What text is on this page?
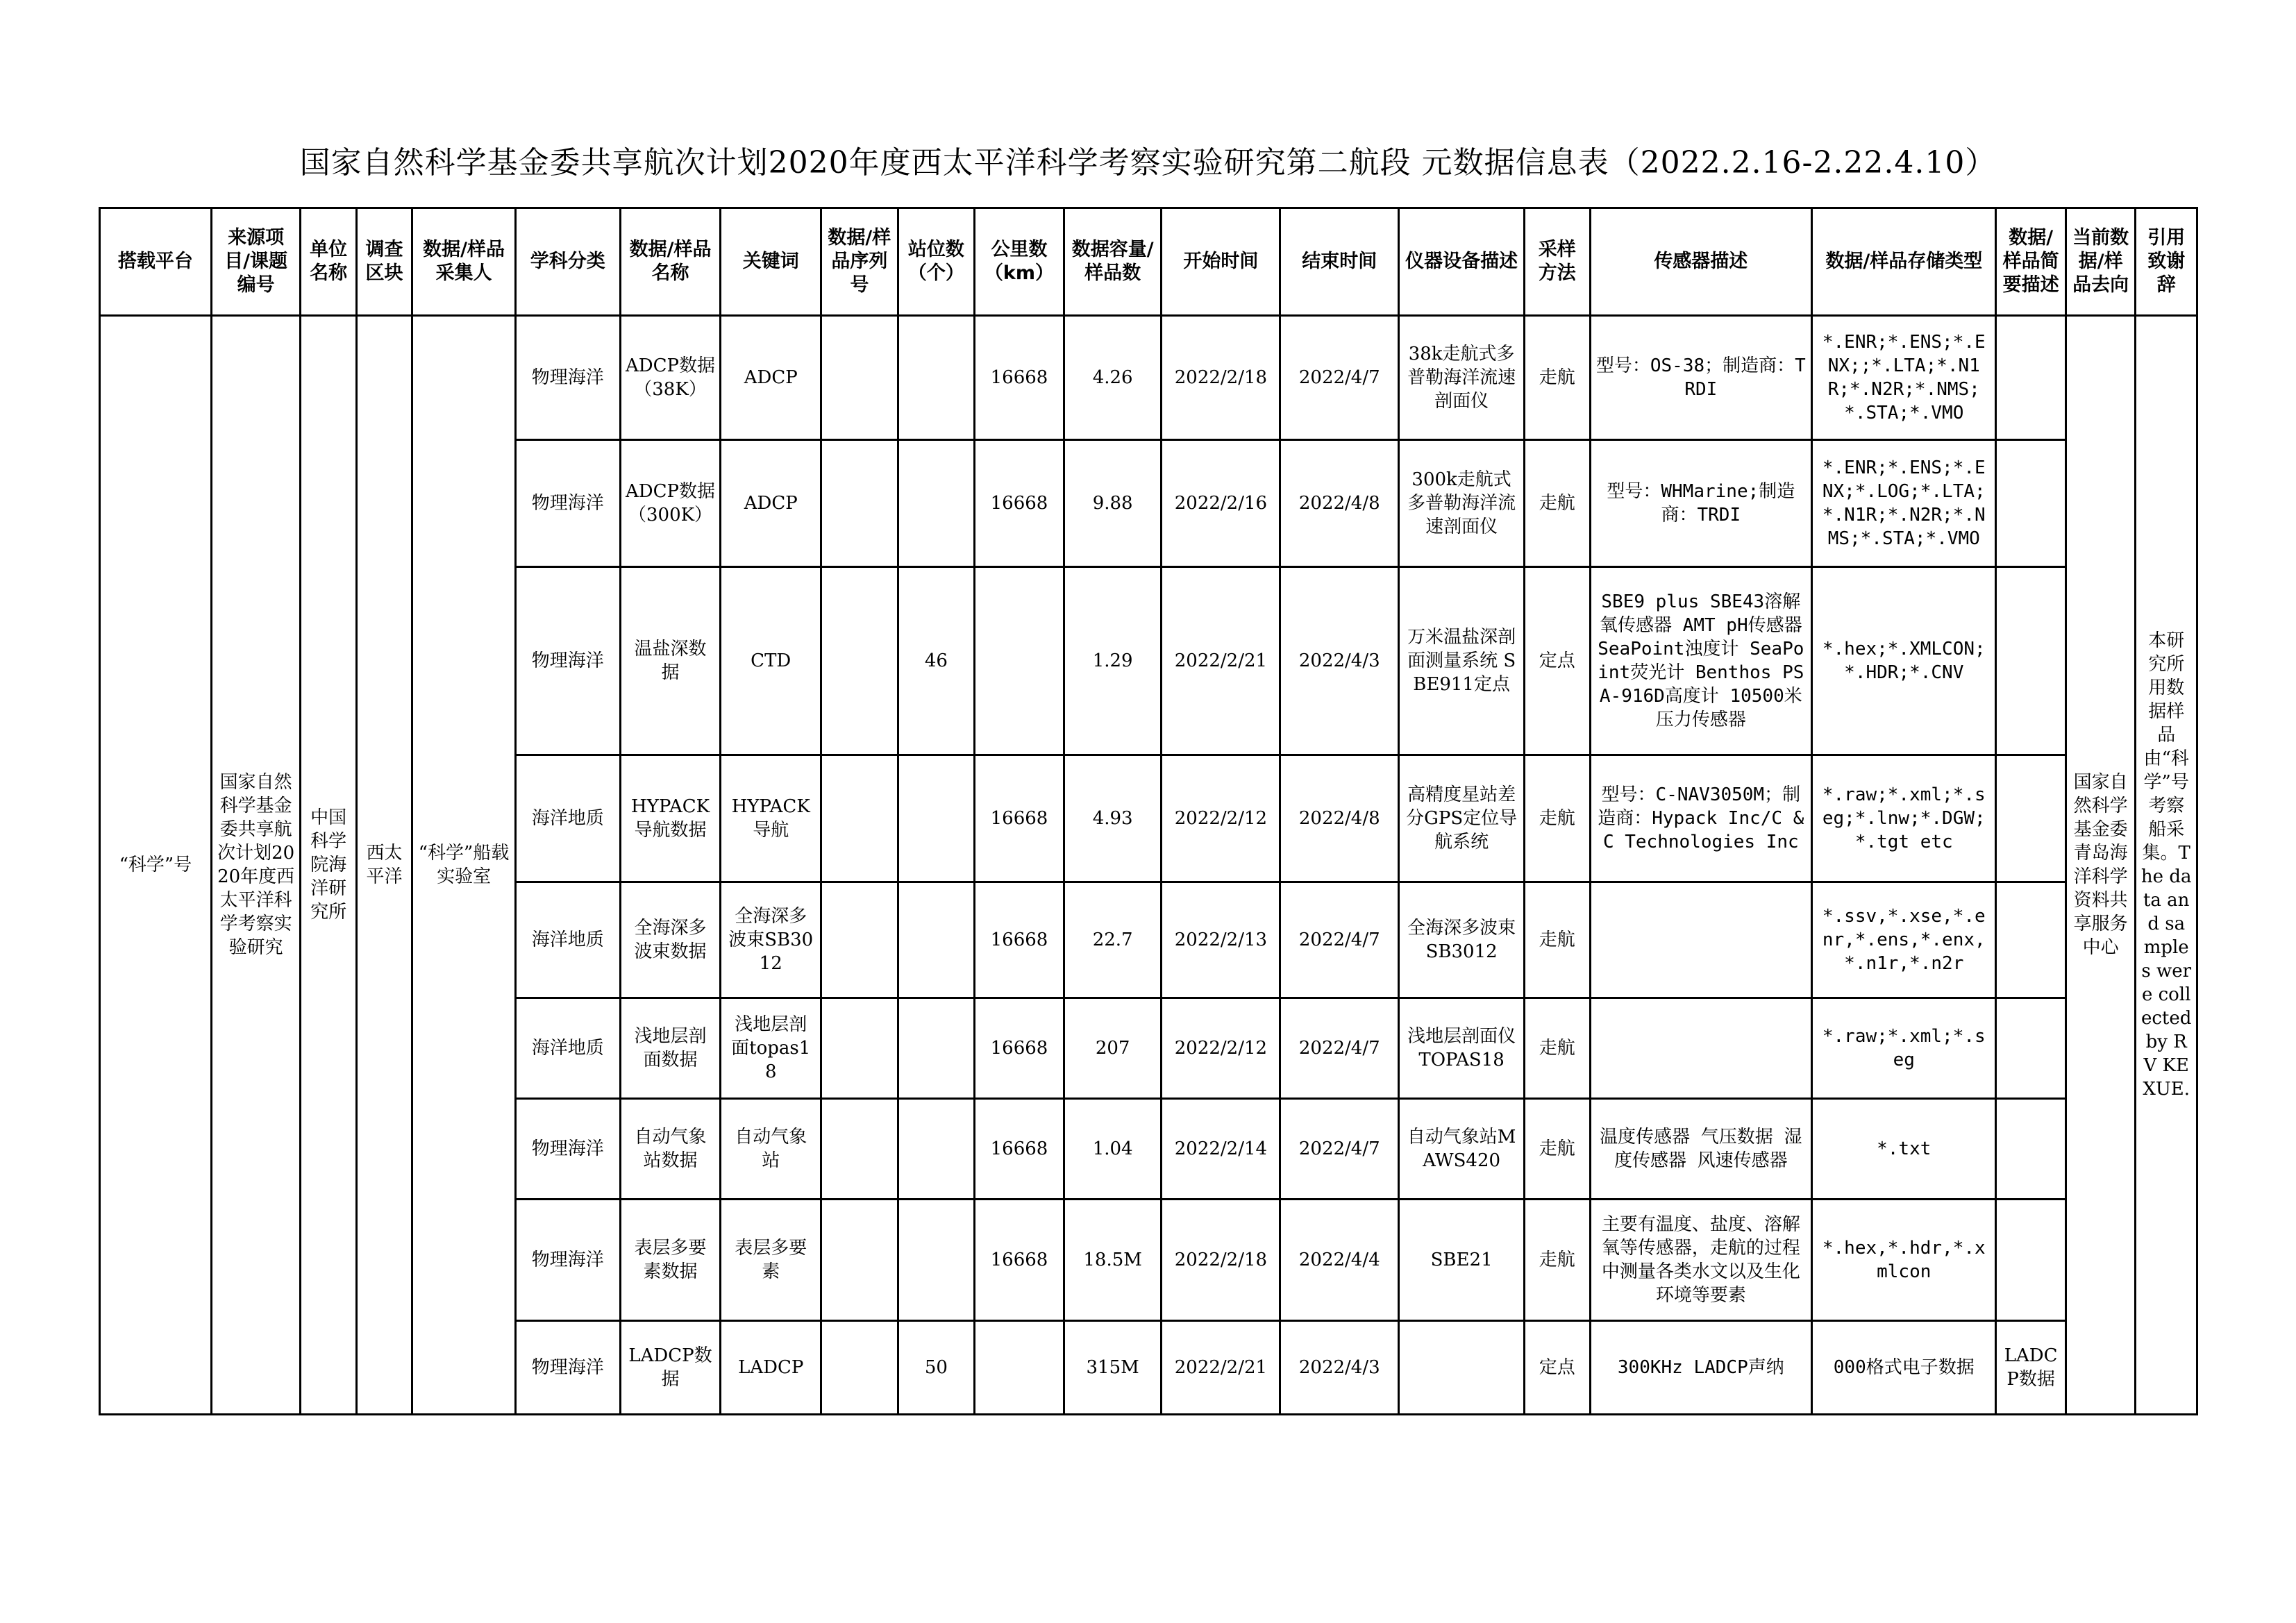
国家自然科学基金委共享航次计划2020年度西太平洋科学考察实验研究第二航段 元数据信息表（2022.2.16-2.22.4.10）
搭载平台	来源项目/课题编号	单位名称	调查区块	数据/样品采集人	学科分类	数据/样品名称	关键词	数据/样品序列号	站位数（个）	公里数（km）	数据容量/样品数	开始时间	结束时间	仪器设备描述	采样方法	传感器描述	数据/样品存储类型	数据/样品简要描述	当前数据/样品去向	引用致谢辞
“科学”号	国家自然科学基金委共享航次计划2020年度西太平洋科学考察实验研究	中国科学院海洋研究所	西太平洋	“科学”船载实验室	物理海洋	ADCP数据（38K）	ADCP			16668	4.26	2022/2/18	2022/4/7	38k走航式多普勒海洋流速剖面仪	走航	型号：OS-38；制造商：TRDI	*.ENR;*.ENS;*.ENX;;*.LTA;*.N1R;*.N2R;*.NMS;*.STA;*.VMO		国家自然科学基金委青岛海洋科学资料共享服务中心	本研究所用数据样品由“科学”号考察船采集。The data and samples were collected by RV KEXUE.
					物理海洋	ADCP数据（300K）	ADCP			16668	9.88	2022/2/16	2022/4/8	300k走航式多普勒海洋流速剖面仪	走航	型号：WHMarine;制造商：TRDI	*.ENR;*.ENS;*.ENX;*.LOG;*.LTA;*.N1R;*.N2R;*.NMS;*.STA;*.VMO			
					物理海洋	温盐深数据	CTD		46		1.29	2022/2/21	2022/4/3	万米温盐深剖面测量系统 SBE911定点	定点	SBE9 plus SBE43溶解氧传感器 AMT pH传感器 SeaPoint浊度计 SeaPoint荧光计 Benthos PSA-916D高度计 10500米压力传感器	*.hex;*.XMLCON;*.HDR;*.CNV			
					海洋地质	HYPACK导航数据	HYPACK导航			16668	4.93	2022/2/12	2022/4/8	高精度星站差分GPS定位导航系统	走航	型号：C-NAV3050M；制造商：Hypack Inc/C &C Technologies Inc	*.raw;*.xml;*.seg;*.lnw;*.DGW;*.tgt etc			
					海洋地质	全海深多波束数据	全海深多波束SB3012			16668	22.7	2022/2/13	2022/4/7	全海深多波束 SB3012	走航		*.ssv,*.xse,*.enr,*.ens,*.enx,*.n1r,*.n2r			
					海洋地质	浅地层剖面数据	浅地层剖面topas18			16668	207	2022/2/12	2022/4/7	浅地层剖面仪 TOPAS18	走航		*.raw;*.xml;*.seg			
					物理海洋	自动气象站数据	自动气象站			16668	1.04	2022/2/14	2022/4/7	自动气象站MAWS420	走航	温度传感器 气压数据 湿度传感器 风速传感器	*.txt			
					物理海洋	表层多要素数据	表层多要素			16668	18.5M	2022/2/18	2022/4/4	SBE21	走航	主要有温度、盐度、溶解氧等传感器，走航的过程中测量各类水文以及生化环境等要素	*.hex,*.hdr,*.xmlcon			
					物理海洋	LADCP数据	LADCP		50		315M	2022/2/21	2022/4/3		定点	300KHz LADCP声纳	000格式电子数据	LADCP数据		
